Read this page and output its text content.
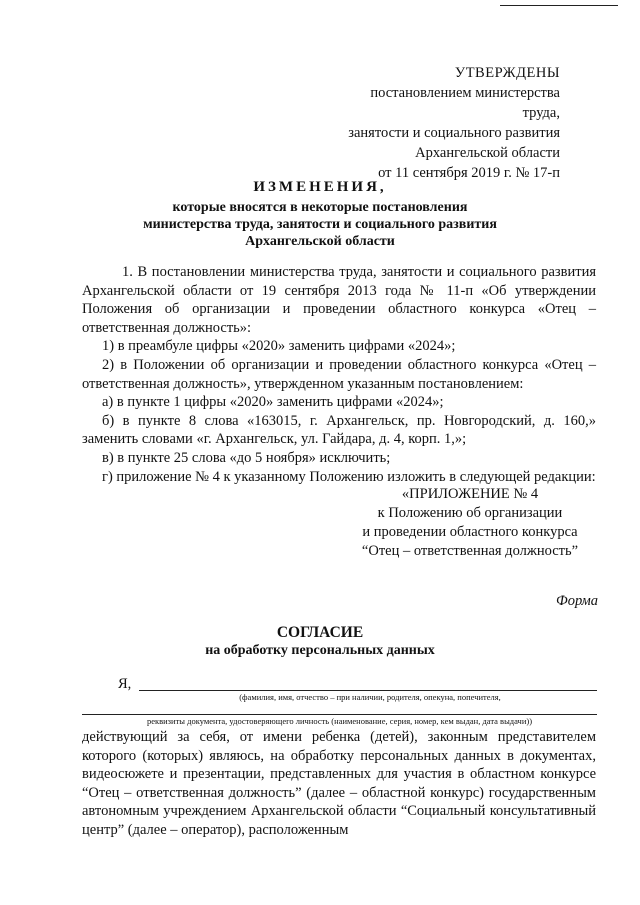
УТВЕРЖДЕНЫ
постановлением министерства труда,
занятости и социального развития
Архангельской области
от 11 сентября 2019 г. № 17-п
ИЗМЕНЕНИЯ,
которые вносятся в некоторые постановления
министерства труда, занятости и социального развития
Архангельской области

1. В постановлении министерства труда, занятости и социального развития Архангельской области от 19 сентября 2013 года № 11-п «Об утверждении Положения об организации и проведении областного конкурса «Отец – ответственная должность»:

1) в преамбуле цифры «2020» заменить цифрами «2024»;

2) в Положении об организации и проведении областного конкурса «Отец – ответственная должность», утвержденном указанным постановлением:

а) в пункте 1 цифры «2020» заменить цифрами «2024»;

б) в пункте 8 слова «163015, г. Архангельск, пр. Новгородский, д. 160,» заменить словами «г. Архангельск, ул. Гайдара, д. 4, корп. 1,»;

в) в пункте 25 слова «до 5 ноября» исключить;

г) приложение № 4 к указанному Положению изложить в следующей редакции:

«ПРИЛОЖЕНИЕ № 4
к Положению об организации
и проведении областного конкурса
“Отец – ответственная должность”
Форма
СОГЛАСИЕ
на обработку персональных данных
Я,
(фамилия, имя, отчество – при наличии, родителя, опекуна, попечителя,
реквизиты документа, удостоверяющего личность (наименование, серия, номер, кем выдан, дата выдачи))

действующий за себя, от имени ребенка (детей), законным представителем которого (которых) являюсь, на обработку персональных данных в документах, видеосюжете и презентации, представленных для участия в областном конкурсе “Отец – ответственная должность” (далее – областной конкурс) государственным автономным учреждением Архангельской области “Социальный консультативный центр” (далее – оператор), расположенным
